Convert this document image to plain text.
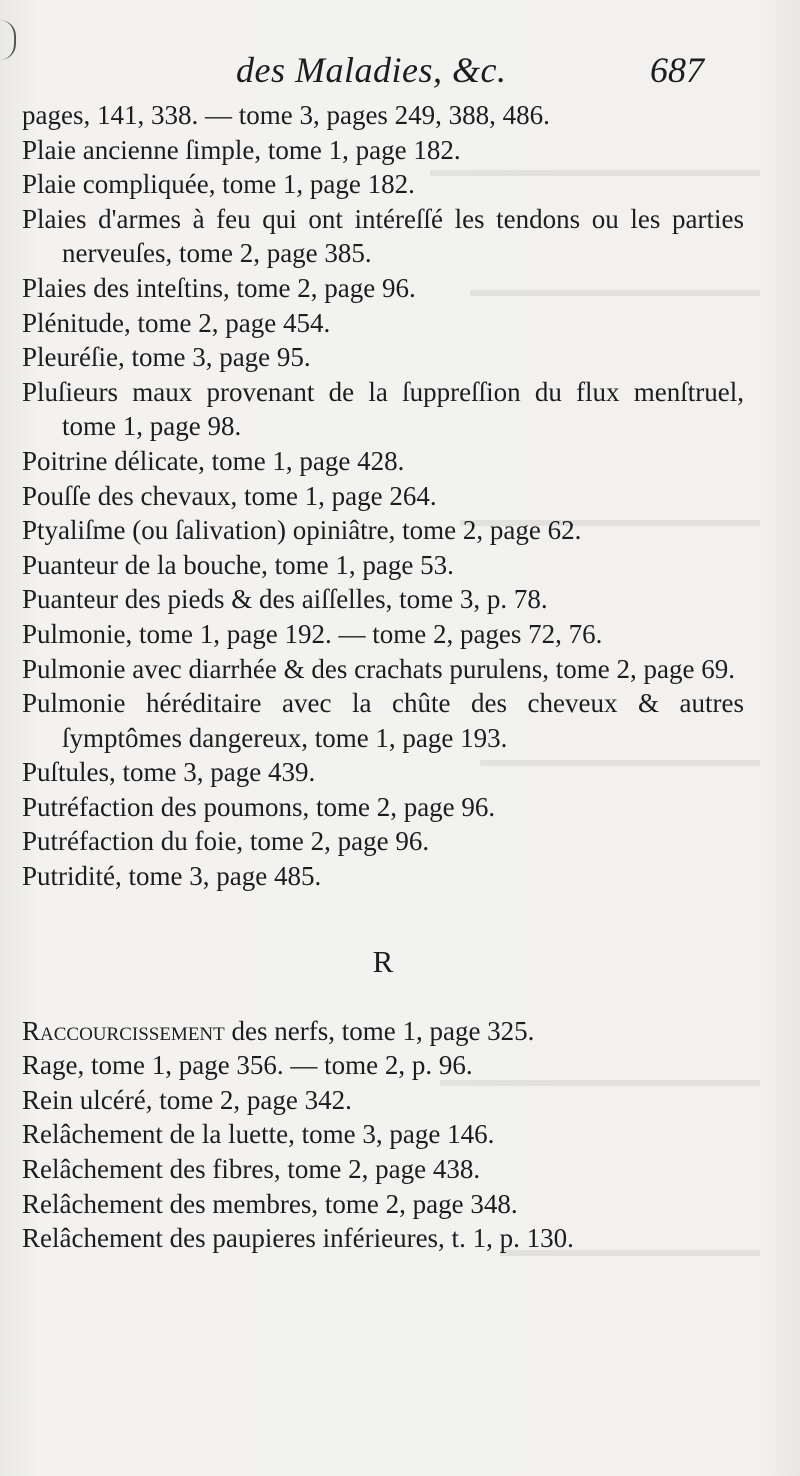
des Maladies, &c.	687
pages, 141, 338. — tome 3, pages 249, 388, 486.
Plaie ancienne ſimple, tome 1, page 182.
Plaie compliquée, tome 1, page 182.
Plaies d'armes à feu qui ont intéreſſé les tendons ou les parties nerveuſes, tome 2, page 385.
Plaies des inteſtins, tome 2, page 96.
Plénitude, tome 2, page 454.
Pleuréſie, tome 3, page 95.
Pluſieurs maux provenant de la ſuppreſſion du flux menſtruel, tome 1, page 98.
Poitrine délicate, tome 1, page 428.
Pouſſe des chevaux, tome 1, page 264.
Ptyaliſme (ou ſalivation) opiniâtre, tome 2, page 62.
Puanteur de la bouche, tome 1, page 53.
Puanteur des pieds & des aiſſelles, tome 3, p. 78.
Pulmonie, tome 1, page 192. — tome 2, pages 72, 76.
Pulmonie avec diarrhée & des crachats purulens, tome 2, page 69.
Pulmonie héréditaire avec la chûte des cheveux & autres ſymptômes dangereux, tome 1, page 193.
Puſtules, tome 3, page 439.
Putréfaction des poumons, tome 2, page 96.
Putréfaction du foie, tome 2, page 96.
Putridité, tome 3, page 485.
R
Raccourcissement des nerfs, tome 1, page 325.
Rage, tome 1, page 356. — tome 2, p. 96.
Rein ulcéré, tome 2, page 342.
Relâchement de la luette, tome 3, page 146.
Relâchement des fibres, tome 2, page 438.
Relâchement des membres, tome 2, page 348.
Relâchement des paupieres inférieures, t. 1, p. 130.
